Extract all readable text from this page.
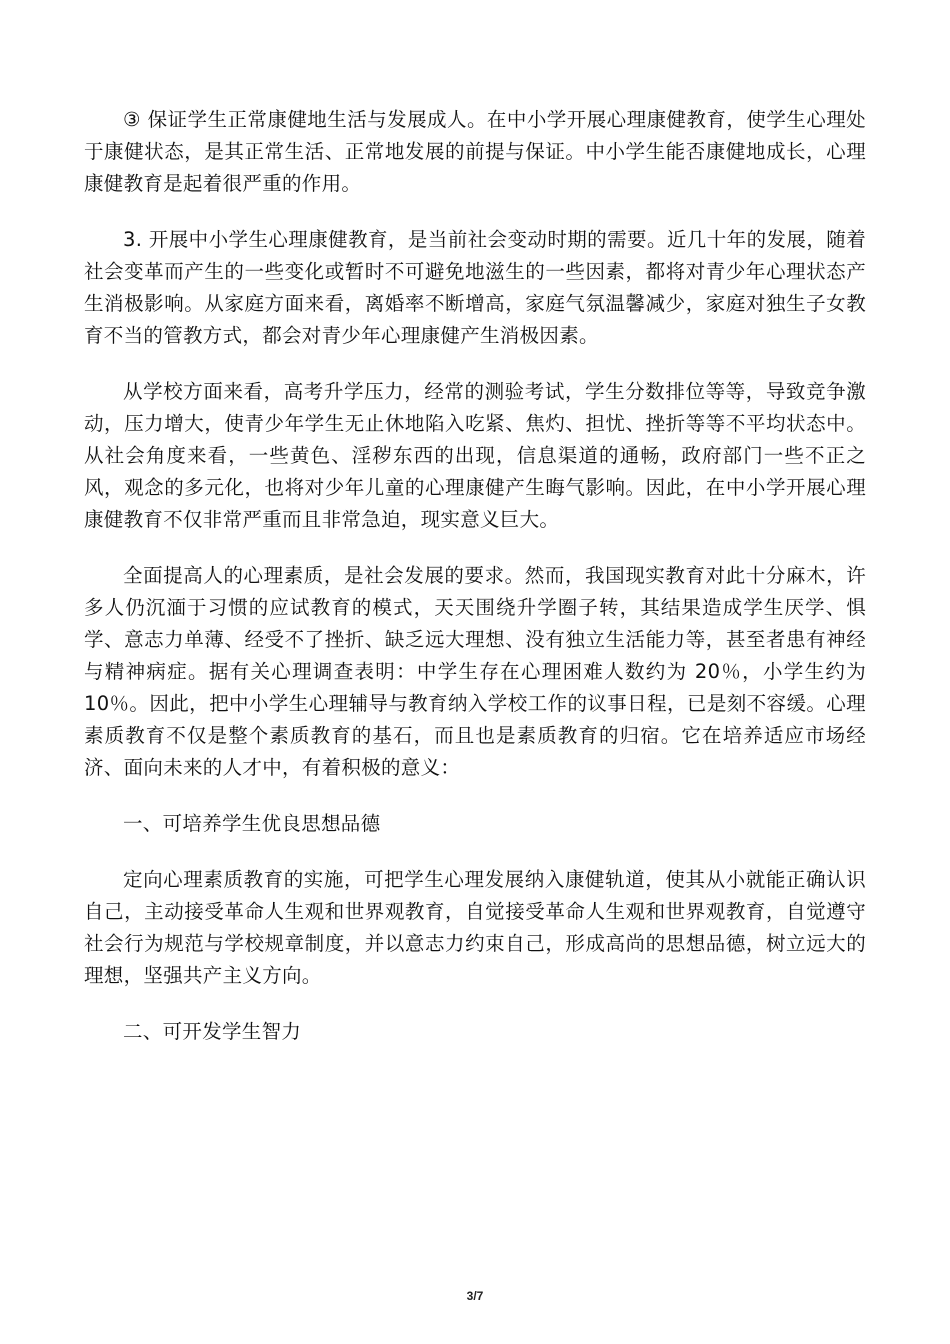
③ 保证学生正常康健地生活与发展成人。在中小学开展心理康健教育，使学生心理处于康健状态，是其正常生活、正常地发展的前提与保证。中小学生能否康健地成长，心理康健教育是起着很严重的作用。

3. 开展中小学生心理康健教育，是当前社会变动时期的需要。近几十年的发展，随着社会变革而产生的一些变化或暂时不可避免地滋生的一些因素，都将对青少年心理状态产生消极影响。从家庭方面来看，离婚率不断增高，家庭气氛温馨减少，家庭对独生子女教育不当的管教方式，都会对青少年心理康健产生消极因素。

从学校方面来看，高考升学压力，经常的测验考试，学生分数排位等等，导致竞争激动，压力增大，使青少年学生无止休地陷入吃紧、焦灼、担忧、挫折等等不平均状态中。从社会角度来看，一些黄色、淫秽东西的出现，信息渠道的通畅，政府部门一些不正之风，观念的多元化，也将对少年儿童的心理康健产生晦气影响。因此，在中小学开展心理康健教育不仅非常严重而且非常急迫，现实意义巨大。

全面提高人的心理素质，是社会发展的要求。然而，我国现实教育对此十分麻木，许多人仍沉湎于习惯的应试教育的模式，天天围绕升学圈子转，其结果造成学生厌学、惧学、意志力单薄、经受不了挫折、缺乏远大理想、没有独立生活能力等，甚至者患有神经与精神病症。据有关心理调查表明：中学生存在心理困难人数约为 20％，小学生约为 10％。因此，把中小学生心理辅导与教育纳入学校工作的议事日程，已是刻不容缓。心理素质教育不仅是整个素质教育的基石，而且也是素质教育的归宿。它在培养适应市场经济、面向未来的人才中，有着积极的意义：

一、可培养学生优良思想品德

定向心理素质教育的实施，可把学生心理发展纳入康健轨道，使其从小就能正确认识自己，主动接受革命人生观和世界观教育，自觉接受革命人生观和世界观教育，自觉遵守社会行为规范与学校规章制度，并以意志力约束自己，形成高尚的思想品德，树立远大的理想，坚强共产主义方向。

二、可开发学生智力

3/7
